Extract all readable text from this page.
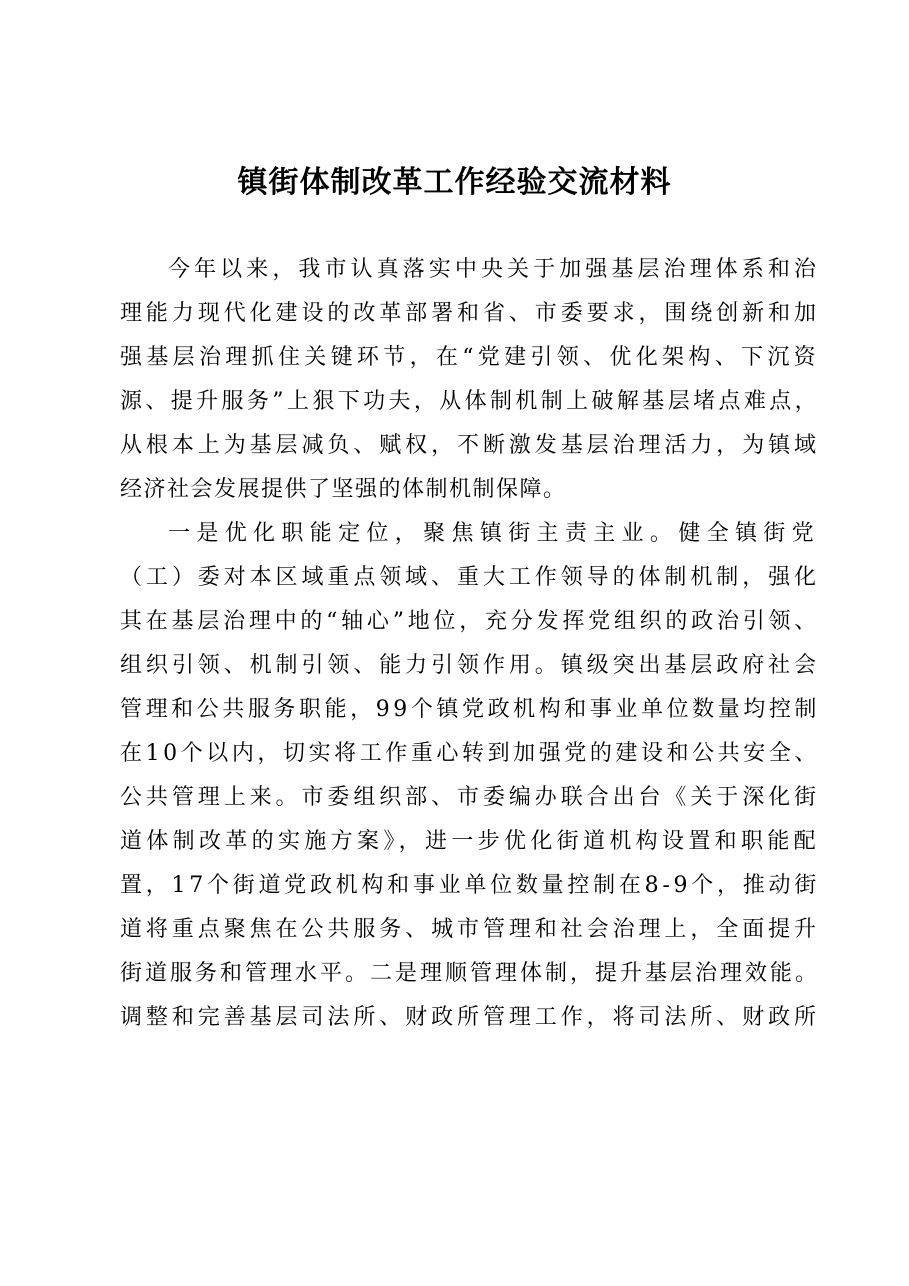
镇街体制改革工作经验交流材料
今年以来，我市认真落实中央关于加强基层治理体系和治
理能力现代化建设的改革部署和省、市委要求，围绕创新和加
强基层治理抓住关键环节，在“党建引领、优化架构、下沉资
源、提升服务”上狠下功夫，从体制机制上破解基层堵点难点，
从根本上为基层减负、赋权，不断激发基层治理活力，为镇域
经济社会发展提供了坚强的体制机制保障。
一是优化职能定位，聚焦镇街主责主业。健全镇街党
（工）委对本区域重点领域、重大工作领导的体制机制，强化
其在基层治理中的“轴心”地位，充分发挥党组织的政治引领、
组织引领、机制引领、能力引领作用。镇级突出基层政府社会
管理和公共服务职能，99个镇党政机构和事业单位数量均控制
在10个以内，切实将工作重心转到加强党的建设和公共安全、
公共管理上来。市委组织部、市委编办联合出台《关于深化街
道体制改革的实施方案》，进一步优化街道机构设置和职能配
置，17个街道党政机构和事业单位数量控制在8-9个，推动街
道将重点聚焦在公共服务、城市管理和社会治理上，全面提升
街道服务和管理水平。二是理顺管理体制，提升基层治理效能。
调整和完善基层司法所、财政所管理工作，将司法所、财政所
